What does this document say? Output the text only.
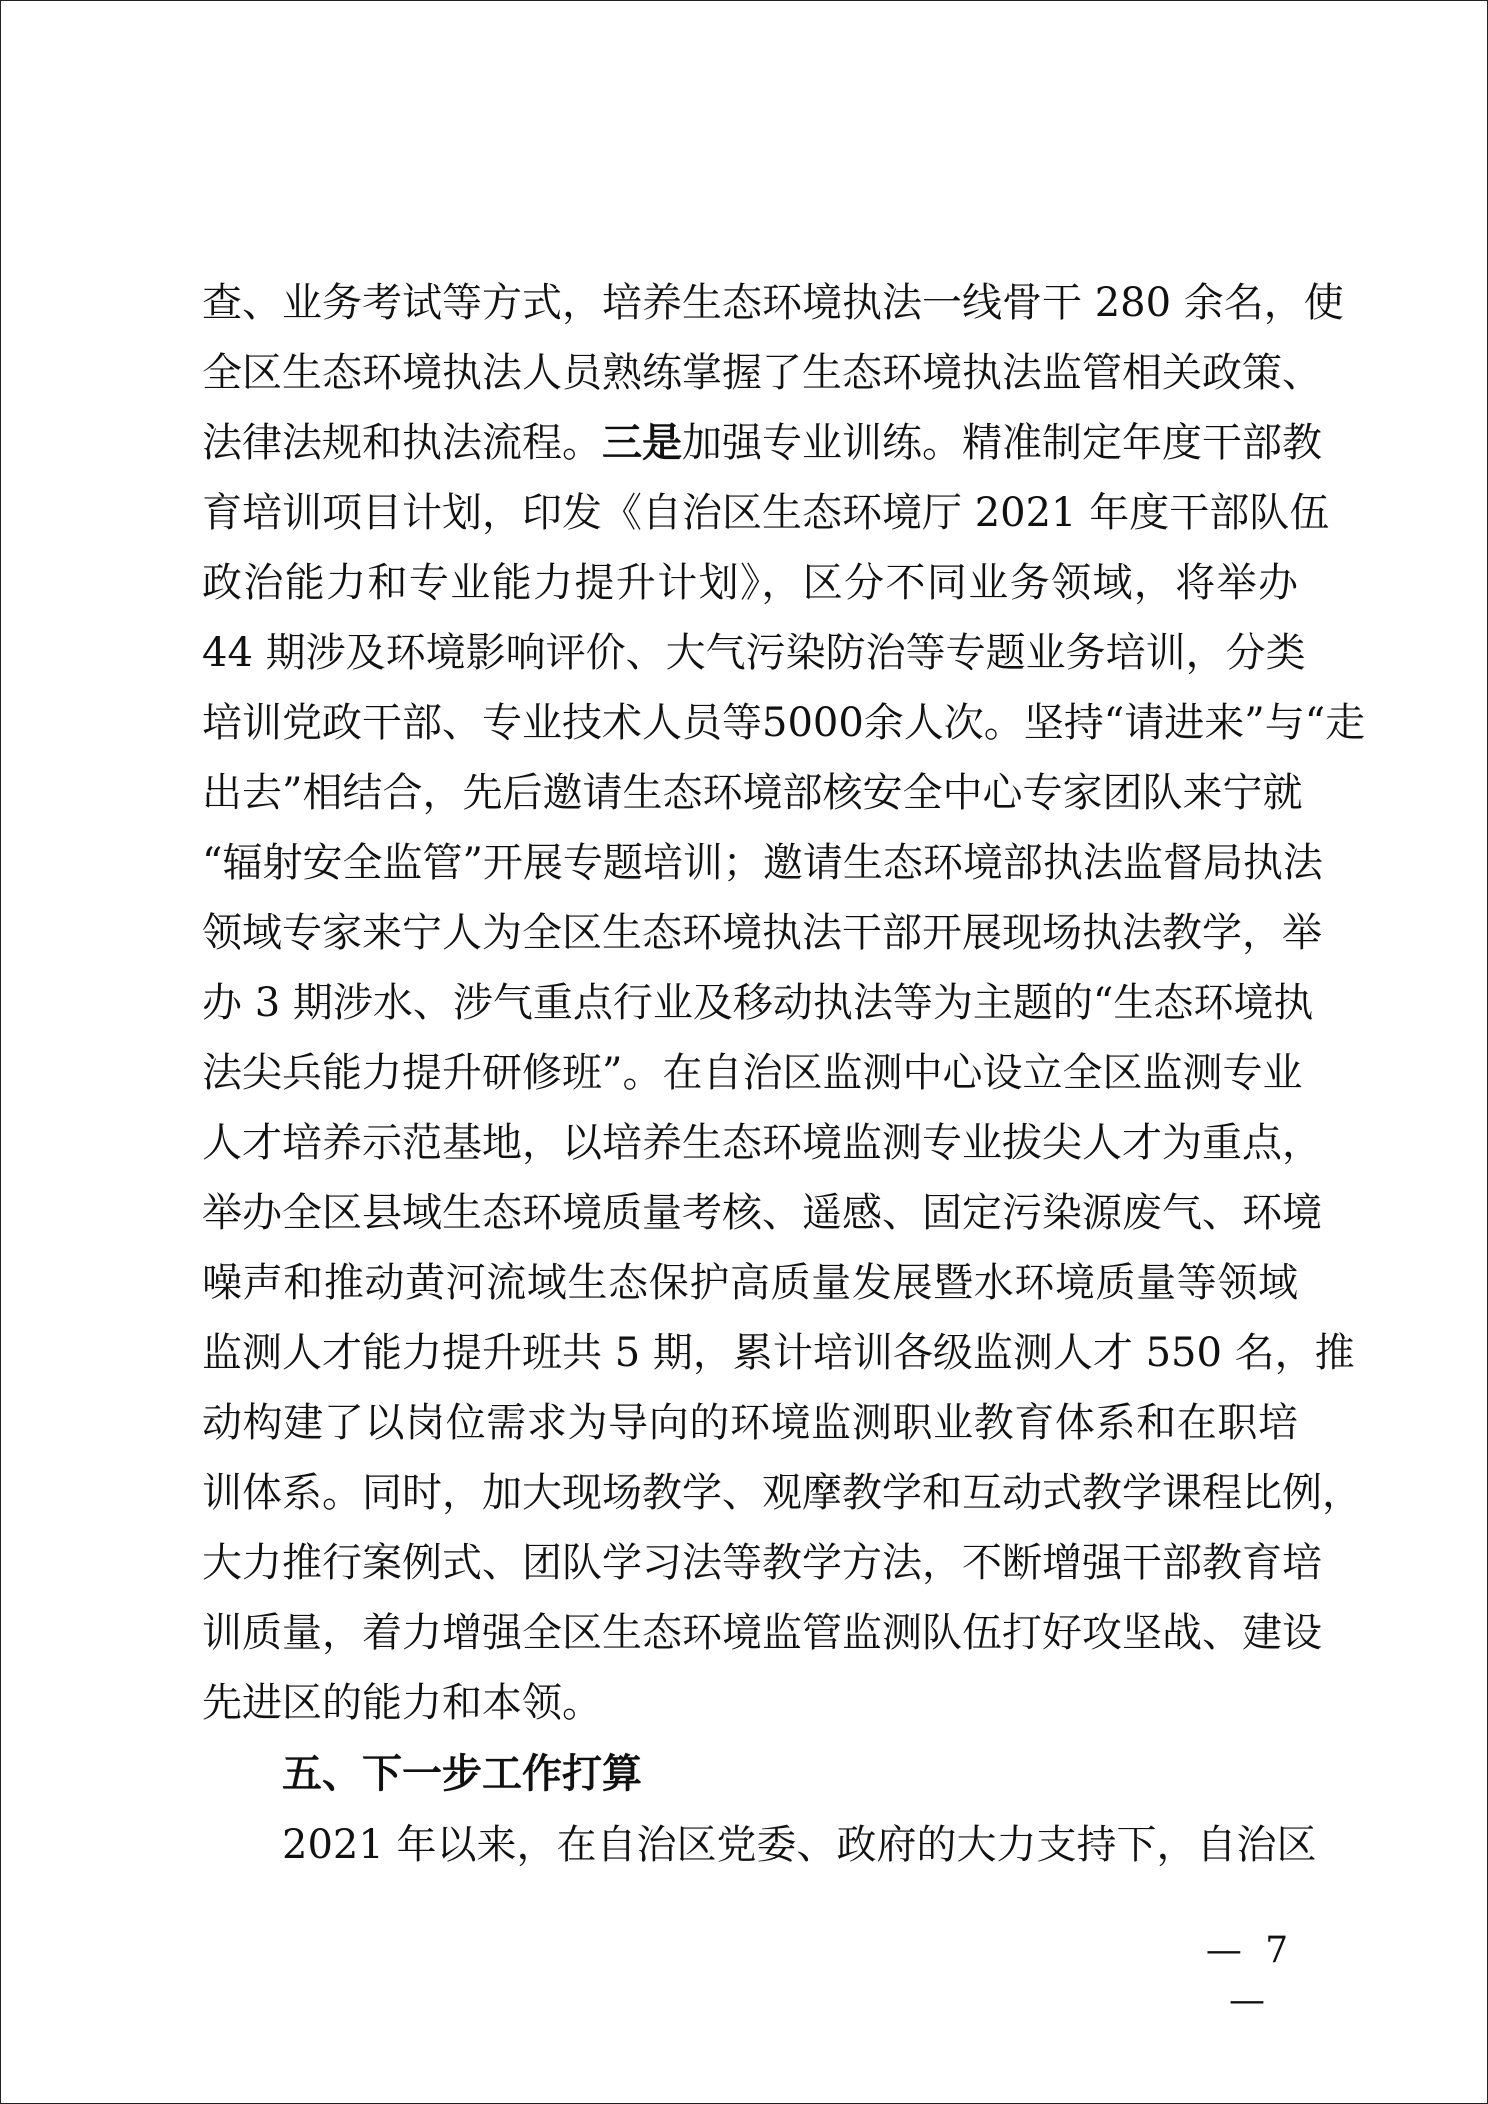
查、业务考试等方式，培养生态环境执法一线骨干 280 余名，使
全区生态环境执法人员熟练掌握了生态环境执法监管相关政策、
法律法规和执法流程。三是加强专业训练。精准制定年度干部教
育培训项目计划，印发《自治区生态环境厅 2021 年度干部队伍
政治能力和专业能力提升计划》，区分不同业务领域，将举办
44 期涉及环境影响评价、大气污染防治等专题业务培训，分类
培训党政干部、专业技术人员等5000余人次。坚持“请进来”与“走
出去”相结合，先后邀请生态环境部核安全中心专家团队来宁就
“辐射安全监管”开展专题培训；邀请生态环境部执法监督局执法
领域专家来宁人为全区生态环境执法干部开展现场执法教学，举
办 3 期涉水、涉气重点行业及移动执法等为主题的“生态环境执
法尖兵能力提升研修班”。在自治区监测中心设立全区监测专业
人才培养示范基地，以培养生态环境监测专业拔尖人才为重点，
举办全区县域生态环境质量考核、遥感、固定污染源废气、环境
噪声和推动黄河流域生态保护高质量发展暨水环境质量等领域
监测人才能力提升班共 5 期，累计培训各级监测人才 550 名，推
动构建了以岗位需求为导向的环境监测职业教育体系和在职培
训体系。同时，加大现场教学、观摩教学和互动式教学课程比例，
大力推行案例式、团队学习法等教学方法，不断增强干部教育培
训质量，着力增强全区生态环境监管监测队伍打好攻坚战、建设
先进区的能力和本领。
五、下一步工作打算
2021 年以来，在自治区党委、政府的大力支持下，自治区
— 7 —
